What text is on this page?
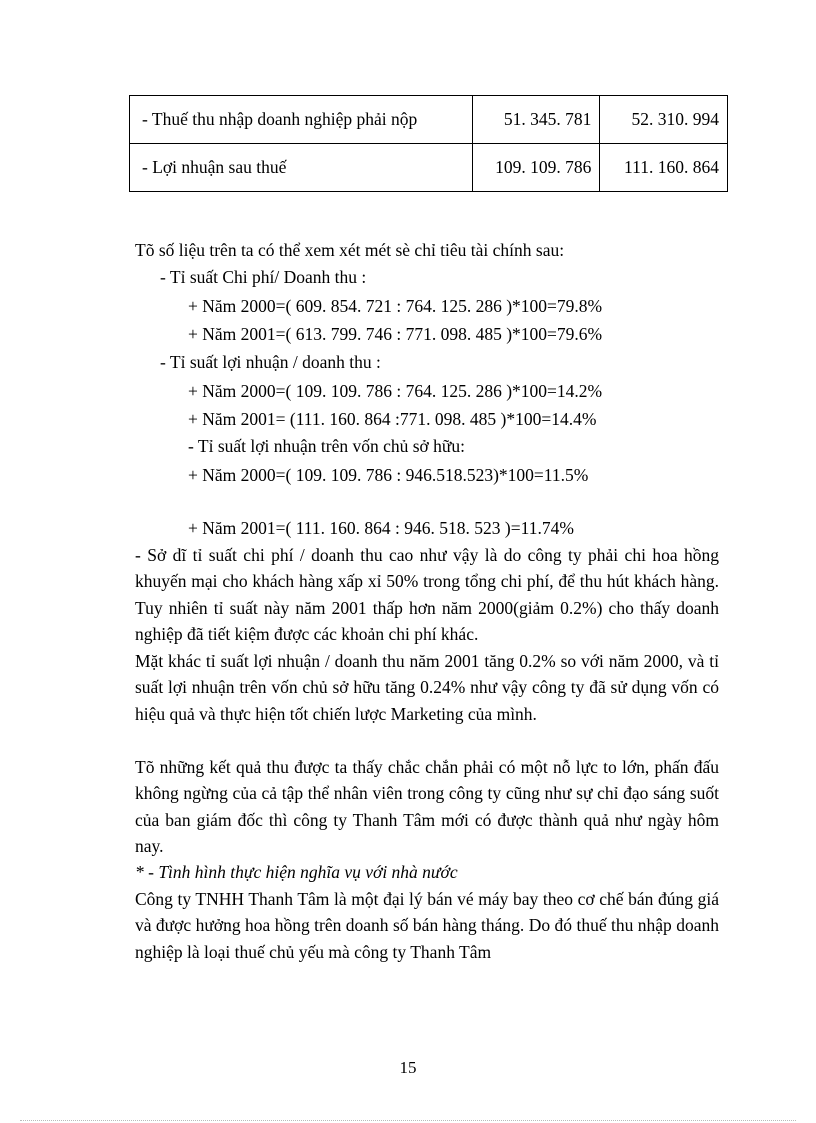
- Thuế thu nhập doanh nghiệp phải nộp	51. 345. 781	52. 310. 994
- Lợi nhuận sau thuế	109. 109. 786	111. 160. 864
Tõ số liệu trên ta có thể xem xét mét sè chỉ tiêu tài chính sau:
- Tỉ suất Chi phí/ Doanh thu :
+ Năm 2000=( 609. 854. 721 : 764. 125. 286 )*100=79.8%
+ Năm 2001=( 613. 799. 746 : 771. 098. 485 )*100=79.6%
- Tỉ suất lợi nhuận / doanh thu :
+ Năm 2000=( 109. 109. 786 : 764. 125. 286 )*100=14.2%
+ Năm 2001= (111. 160. 864 :771. 098. 485 )*100=14.4%
- Tỉ suất lợi nhuận trên vốn chủ sở hữu:
+ Năm 2000=( 109. 109. 786 : 946.518.523)*100=11.5%
+ Năm 2001=( 111. 160. 864 : 946. 518. 523 )=11.74%
- Sở dĩ tỉ suất chi phí / doanh thu cao như vậy là do công ty phải chi hoa hồng khuyến mại cho khách hàng xấp xỉ 50% trong tổng chi phí, để thu hút khách hàng. Tuy nhiên tỉ suất này năm 2001 thấp hơn năm 2000(giảm 0.2%) cho thấy doanh nghiệp đã tiết kiệm được các khoản chi phí khác.
Mặt khác tỉ suất lợi nhuận / doanh thu năm 2001 tăng 0.2% so với năm 2000, và tỉ suất lợi nhuận trên vốn chủ sở hữu tăng 0.24% như vậy công ty đã sử dụng vốn có hiệu quả và thực hiện tốt chiến lược Marketing của mình.
Tõ những kết quả thu được ta thấy chắc chắn phải có một nỗ lực to lớn, phấn đấu không ngừng của cả tập thể nhân viên trong công ty cũng như sự chỉ đạo sáng suốt của ban giám đốc thì công ty Thanh Tâm mới có được thành quả như ngày hôm nay.
* - Tình hình thực hiện nghĩa vụ với nhà nước
Công ty TNHH Thanh Tâm là một đại lý bán vé máy bay theo cơ chế bán đúng giá và được hưởng hoa hồng trên doanh số bán hàng tháng. Do đó thuế thu nhập doanh nghiệp là loại thuế chủ yếu mà công ty Thanh Tâm
15
